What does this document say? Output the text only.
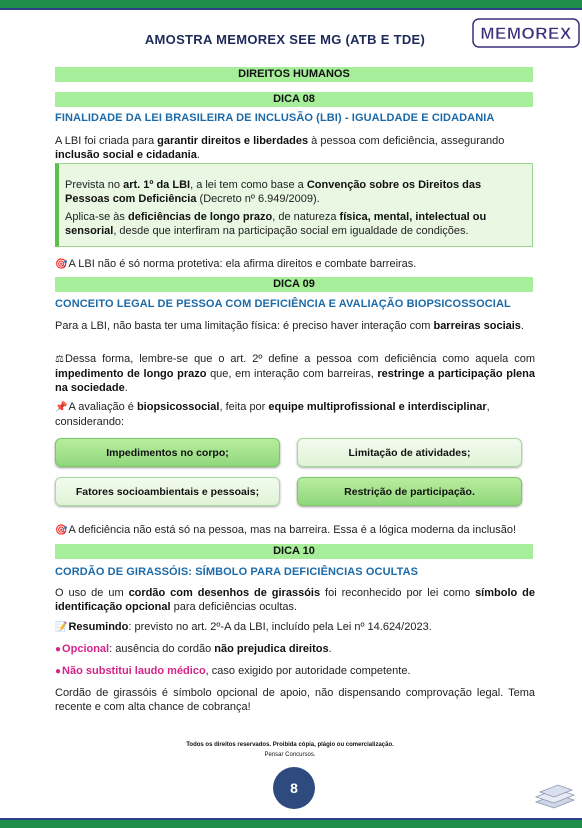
AMOSTRA MEMOREX SEE MG (ATB E TDE)	MEMOREX
DIREITOS HUMANOS
DICA 08
FINALIDADE DA LEI BRASILEIRA DE INCLUSÃO (LBI) - IGUALDADE E CIDADANIA
A LBI foi criada para garantir direitos e liberdades à pessoa com deficiência, assegurando inclusão social e cidadania.
Prevista no art. 1º da LBI, a lei tem como base a Convenção sobre os Direitos das Pessoas com Deficiência (Decreto nº 6.949/2009).
Aplica-se às deficiências de longo prazo, de natureza física, mental, intelectual ou sensorial, desde que interfiram na participação social em igualdade de condições.
🎯A LBI não é só norma protetiva: ela afirma direitos e combate barreiras.
DICA 09
CONCEITO LEGAL DE PESSOA COM DEFICIÊNCIA E AVALIAÇÃO BIOPSICOSSOCIAL
Para a LBI, não basta ter uma limitação física: é preciso haver interação com barreiras sociais.
⚖Dessa forma, lembre-se que o art. 2º define a pessoa com deficiência como aquela com impedimento de longo prazo que, em interação com barreiras, restringe a participação plena na sociedade.
📌A avaliação é biopsicossocial, feita por equipe multiprofissional e interdisciplinar, considerando:
Impedimentos no corpo;	Limitação de atividades;
Fatores socioambientais e pessoais;	Restrição de participação.
🎯A deficiência não está só na pessoa, mas na barreira. Essa é a lógica moderna da inclusão!
DICA 10
CORDÃO DE GIRASSÓIS: SÍMBOLO PARA DEFICIÊNCIAS OCULTAS
O uso de um cordão com desenhos de girassóis foi reconhecido por lei como símbolo de identificação opcional para deficiências ocultas.
📝Resumindo: previsto no art. 2º-A da LBI, incluído pela Lei nº 14.624/2023.
●Opcional: ausência do cordão não prejudica direitos.
●Não substitui laudo médico, caso exigido por autoridade competente.
Cordão de girassóis é símbolo opcional de apoio, não dispensando comprovação legal. Tema recente e com alta chance de cobrança!
Todos os direitos reservados. Proibida cópia, plágio ou comercialização.
Pensar Concursos.
8
